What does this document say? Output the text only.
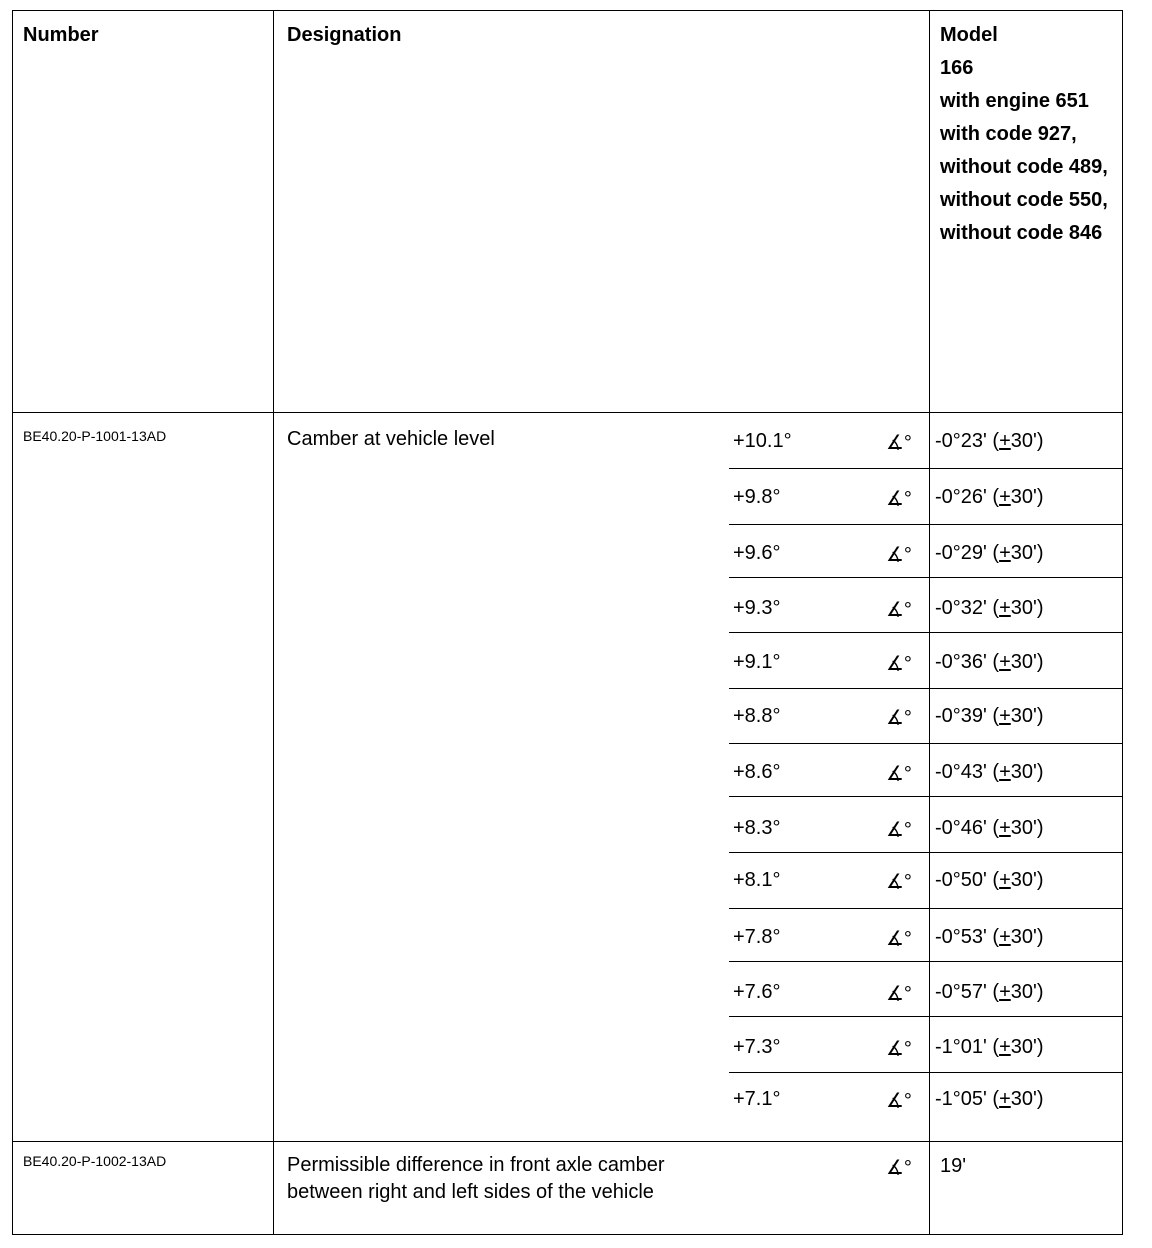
Number	Designation	Model
166
with engine 651
with code 927,
without code 489,
without code 550,
without code 846
BE40.20-P-1001-13AD	Camber at vehicle level	+10.1°	∡° -0°23' (+30')
+9.8°	∡° -0°26' (+30')
+9.6°	∡° -0°29' (+30')
+9.3°	∡° -0°32' (+30')
+9.1°	∡° -0°36' (+30')
+8.8°	∡° -0°39' (+30')
+8.6°	∡° -0°43' (+30')
+8.3°	∡° -0°46' (+30')
+8.1°	∡° -0°50' (+30')
+7.8°	∡° -0°53' (+30')
+7.6°	∡° -0°57' (+30')
+7.3°	∡° -1°01' (+30')
+7.1°	∡° -1°05' (+30')
BE40.20-P-1002-13AD	Permissible difference in front axle camber
between right and left sides of the vehicle
∡° 19'
